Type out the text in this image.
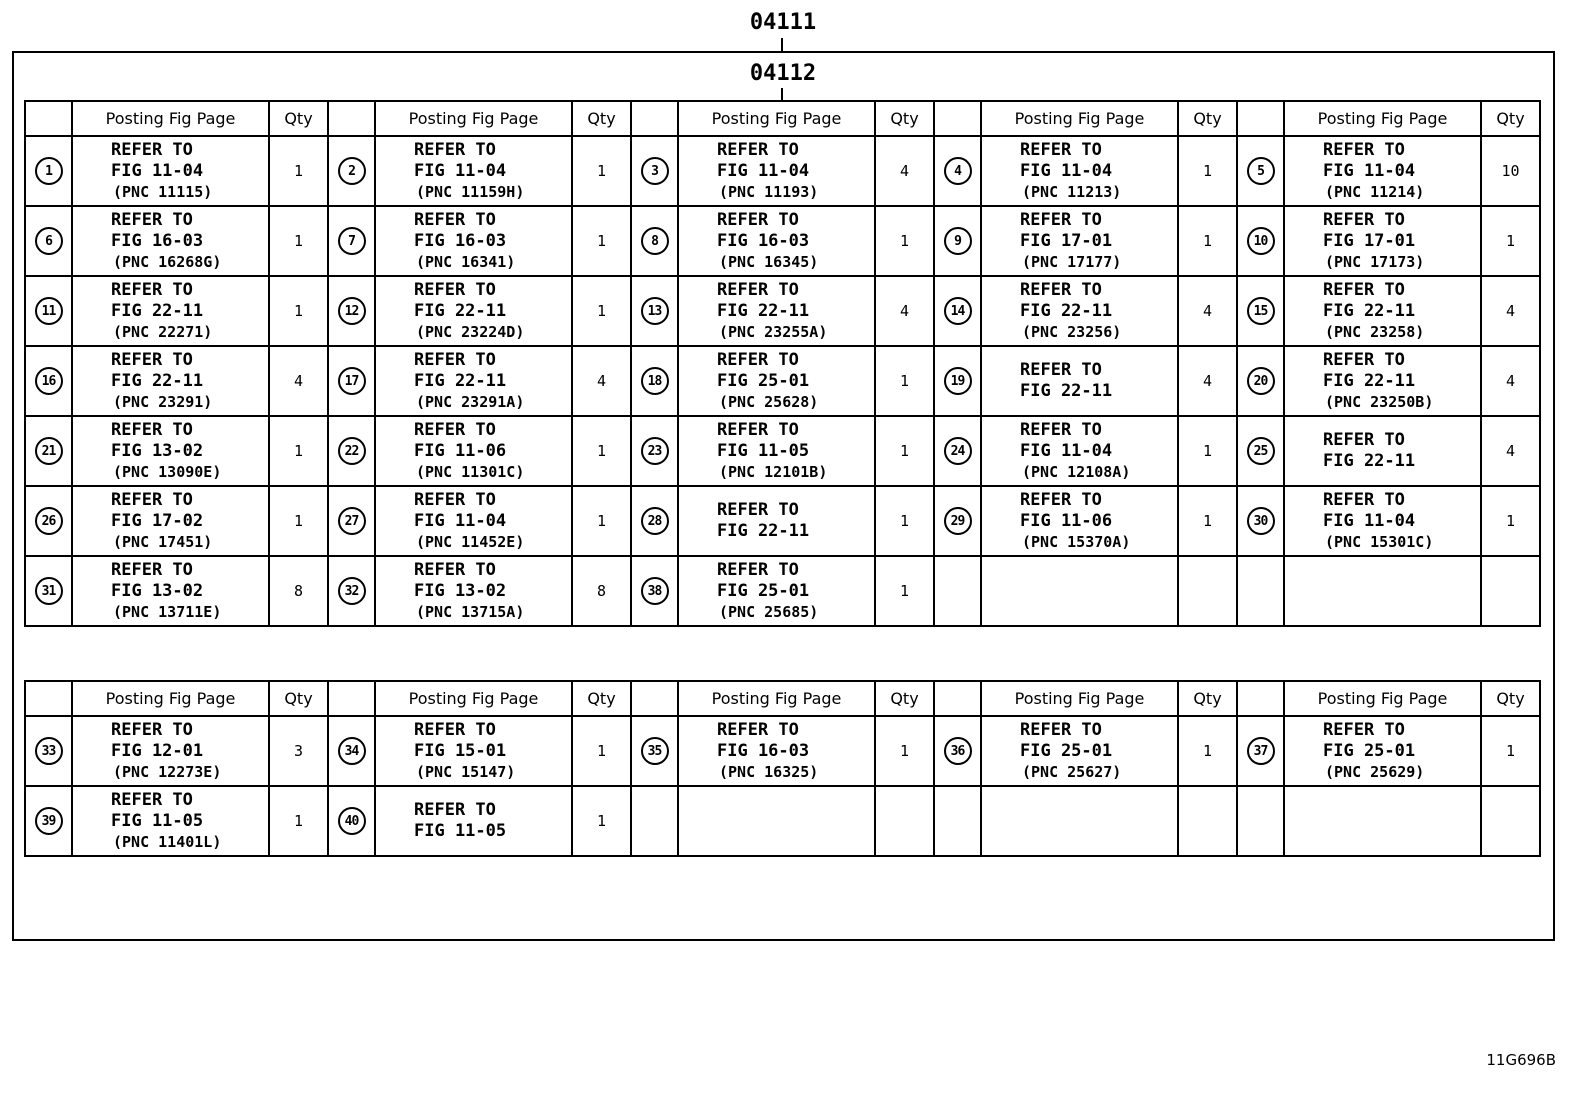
04111
04112
	Posting Fig Page	Qty		Posting Fig Page	Qty		Posting Fig Page	Qty		Posting Fig Page	Qty		Posting Fig Page	Qty

1	REFER TO
FIG 11-04
(PNC 11115)	1	2	REFER TO
FIG 11-04
(PNC 11159H)	1	3	REFER TO
FIG 11-04
(PNC 11193)	4	4	REFER TO
FIG 11-04
(PNC 11213)	1	5	REFER TO
FIG 11-04
(PNC 11214)	10

6	REFER TO
FIG 16-03
(PNC 16268G)	1	7	REFER TO
FIG 16-03
(PNC 16341)	1	8	REFER TO
FIG 16-03
(PNC 16345)	1	9	REFER TO
FIG 17-01
(PNC 17177)	1	10	REFER TO
FIG 17-01
(PNC 17173)	1

11	REFER TO
FIG 22-11
(PNC 22271)	1	12	REFER TO
FIG 22-11
(PNC 23224D)	1	13	REFER TO
FIG 22-11
(PNC 23255A)	4	14	REFER TO
FIG 22-11
(PNC 23256)	4	15	REFER TO
FIG 22-11
(PNC 23258)	4

16	REFER TO
FIG 22-11
(PNC 23291)	4	17	REFER TO
FIG 22-11
(PNC 23291A)	4	18	REFER TO
FIG 25-01
(PNC 25628)	1	19	REFER TO
FIG 22-11	4	20	REFER TO
FIG 22-11
(PNC 23250B)	4

21	REFER TO
FIG 13-02
(PNC 13090E)	1	22	REFER TO
FIG 11-06
(PNC 11301C)	1	23	REFER TO
FIG 11-05
(PNC 12101B)	1	24	REFER TO
FIG 11-04
(PNC 12108A)	1	25	REFER TO
FIG 22-11	4

26	REFER TO
FIG 17-02
(PNC 17451)	1	27	REFER TO
FIG 11-04
(PNC 11452E)	1	28	REFER TO
FIG 22-11	1	29	REFER TO
FIG 11-06
(PNC 15370A)	1	30	REFER TO
FIG 11-04
(PNC 15301C)	1

31	REFER TO
FIG 13-02
(PNC 13711E)	8	32	REFER TO
FIG 13-02
(PNC 13715A)	8	38	REFER TO
FIG 25-01
(PNC 25685)	1						
	Posting Fig Page	Qty		Posting Fig Page	Qty		Posting Fig Page	Qty		Posting Fig Page	Qty		Posting Fig Page	Qty

33	REFER TO
FIG 12-01
(PNC 12273E)	3	34	REFER TO
FIG 15-01
(PNC 15147)	1	35	REFER TO
FIG 16-03
(PNC 16325)	1	36	REFER TO
FIG 25-01
(PNC 25627)	1	37	REFER TO
FIG 25-01
(PNC 25629)	1

39	REFER TO
FIG 11-05
(PNC 11401L)	1	40	REFER TO
FIG 11-05	1									
11G696B
